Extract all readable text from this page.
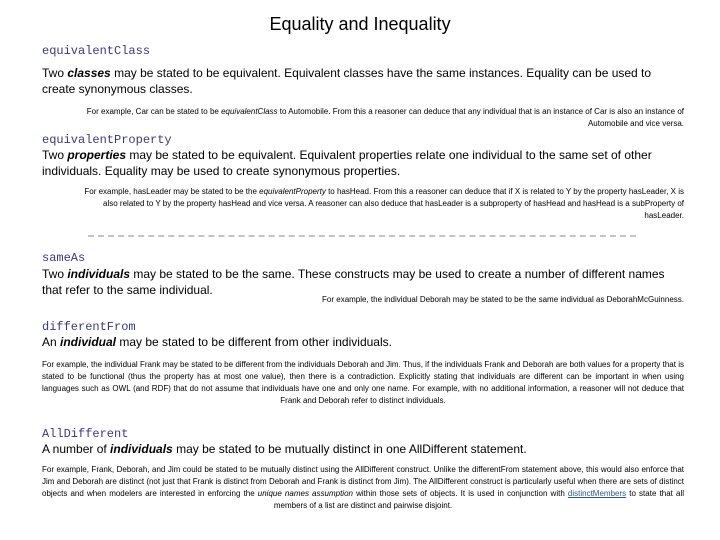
Equality and Inequality
equivalentClass
Two classes may be stated to be equivalent. Equivalent classes have the same instances. Equality can be used to create synonymous classes.
For example, Car can be stated to be equivalentClass to Automobile. From this a reasoner can deduce that any individual that is an instance of Car is also an instance of Automobile and vice versa.
equivalentProperty
Two properties may be stated to be equivalent. Equivalent properties relate one individual to the same set of other individuals. Equality may be used to create synonymous properties.
For example, hasLeader may be stated to be the equivalentProperty to hasHead. From this a reasoner can deduce that if X is related to Y by the property hasLeader, X is also related to Y by the property hasHead and vice versa. A reasoner can also deduce that hasLeader is a subproperty of hasHead and hasHead is a subProperty of hasLeader.
sameAs
Two individuals may be stated to be the same. These constructs may be used to create a number of different names that refer to the same individual.
For example, the individual Deborah may be stated to be the same individual as DeborahMcGuinness.
differentFrom
An individual may be stated to be different from other individuals.
For example, the individual Frank may be stated to be different from the individuals Deborah and Jim. Thus, if the individuals Frank and Deborah are both values for a property that is stated to be functional (thus the property has at most one value), then there is a contradiction. Explicitly stating that individuals are different can be important in when using languages such as OWL (and RDF) that do not assume that individuals have one and only one name. For example, with no additional information, a reasoner will not deduce that Frank and Deborah refer to distinct individuals.
AllDifferent
A number of individuals may be stated to be mutually distinct in one AllDifferent statement.
For example, Frank, Deborah, and Jim could be stated to be mutually distinct using the AllDifferent construct. Unlike the differentFrom statement above, this would also enforce that Jim and Deborah are distinct (not just that Frank is distinct from Deborah and Frank is distinct from Jim). The AllDifferent construct is particularly useful when there are sets of distinct objects and when modelers are interested in enforcing the unique names assumption within those sets of objects. It is used in conjunction with distinctMembers to state that all members of a list are distinct and pairwise disjoint.
